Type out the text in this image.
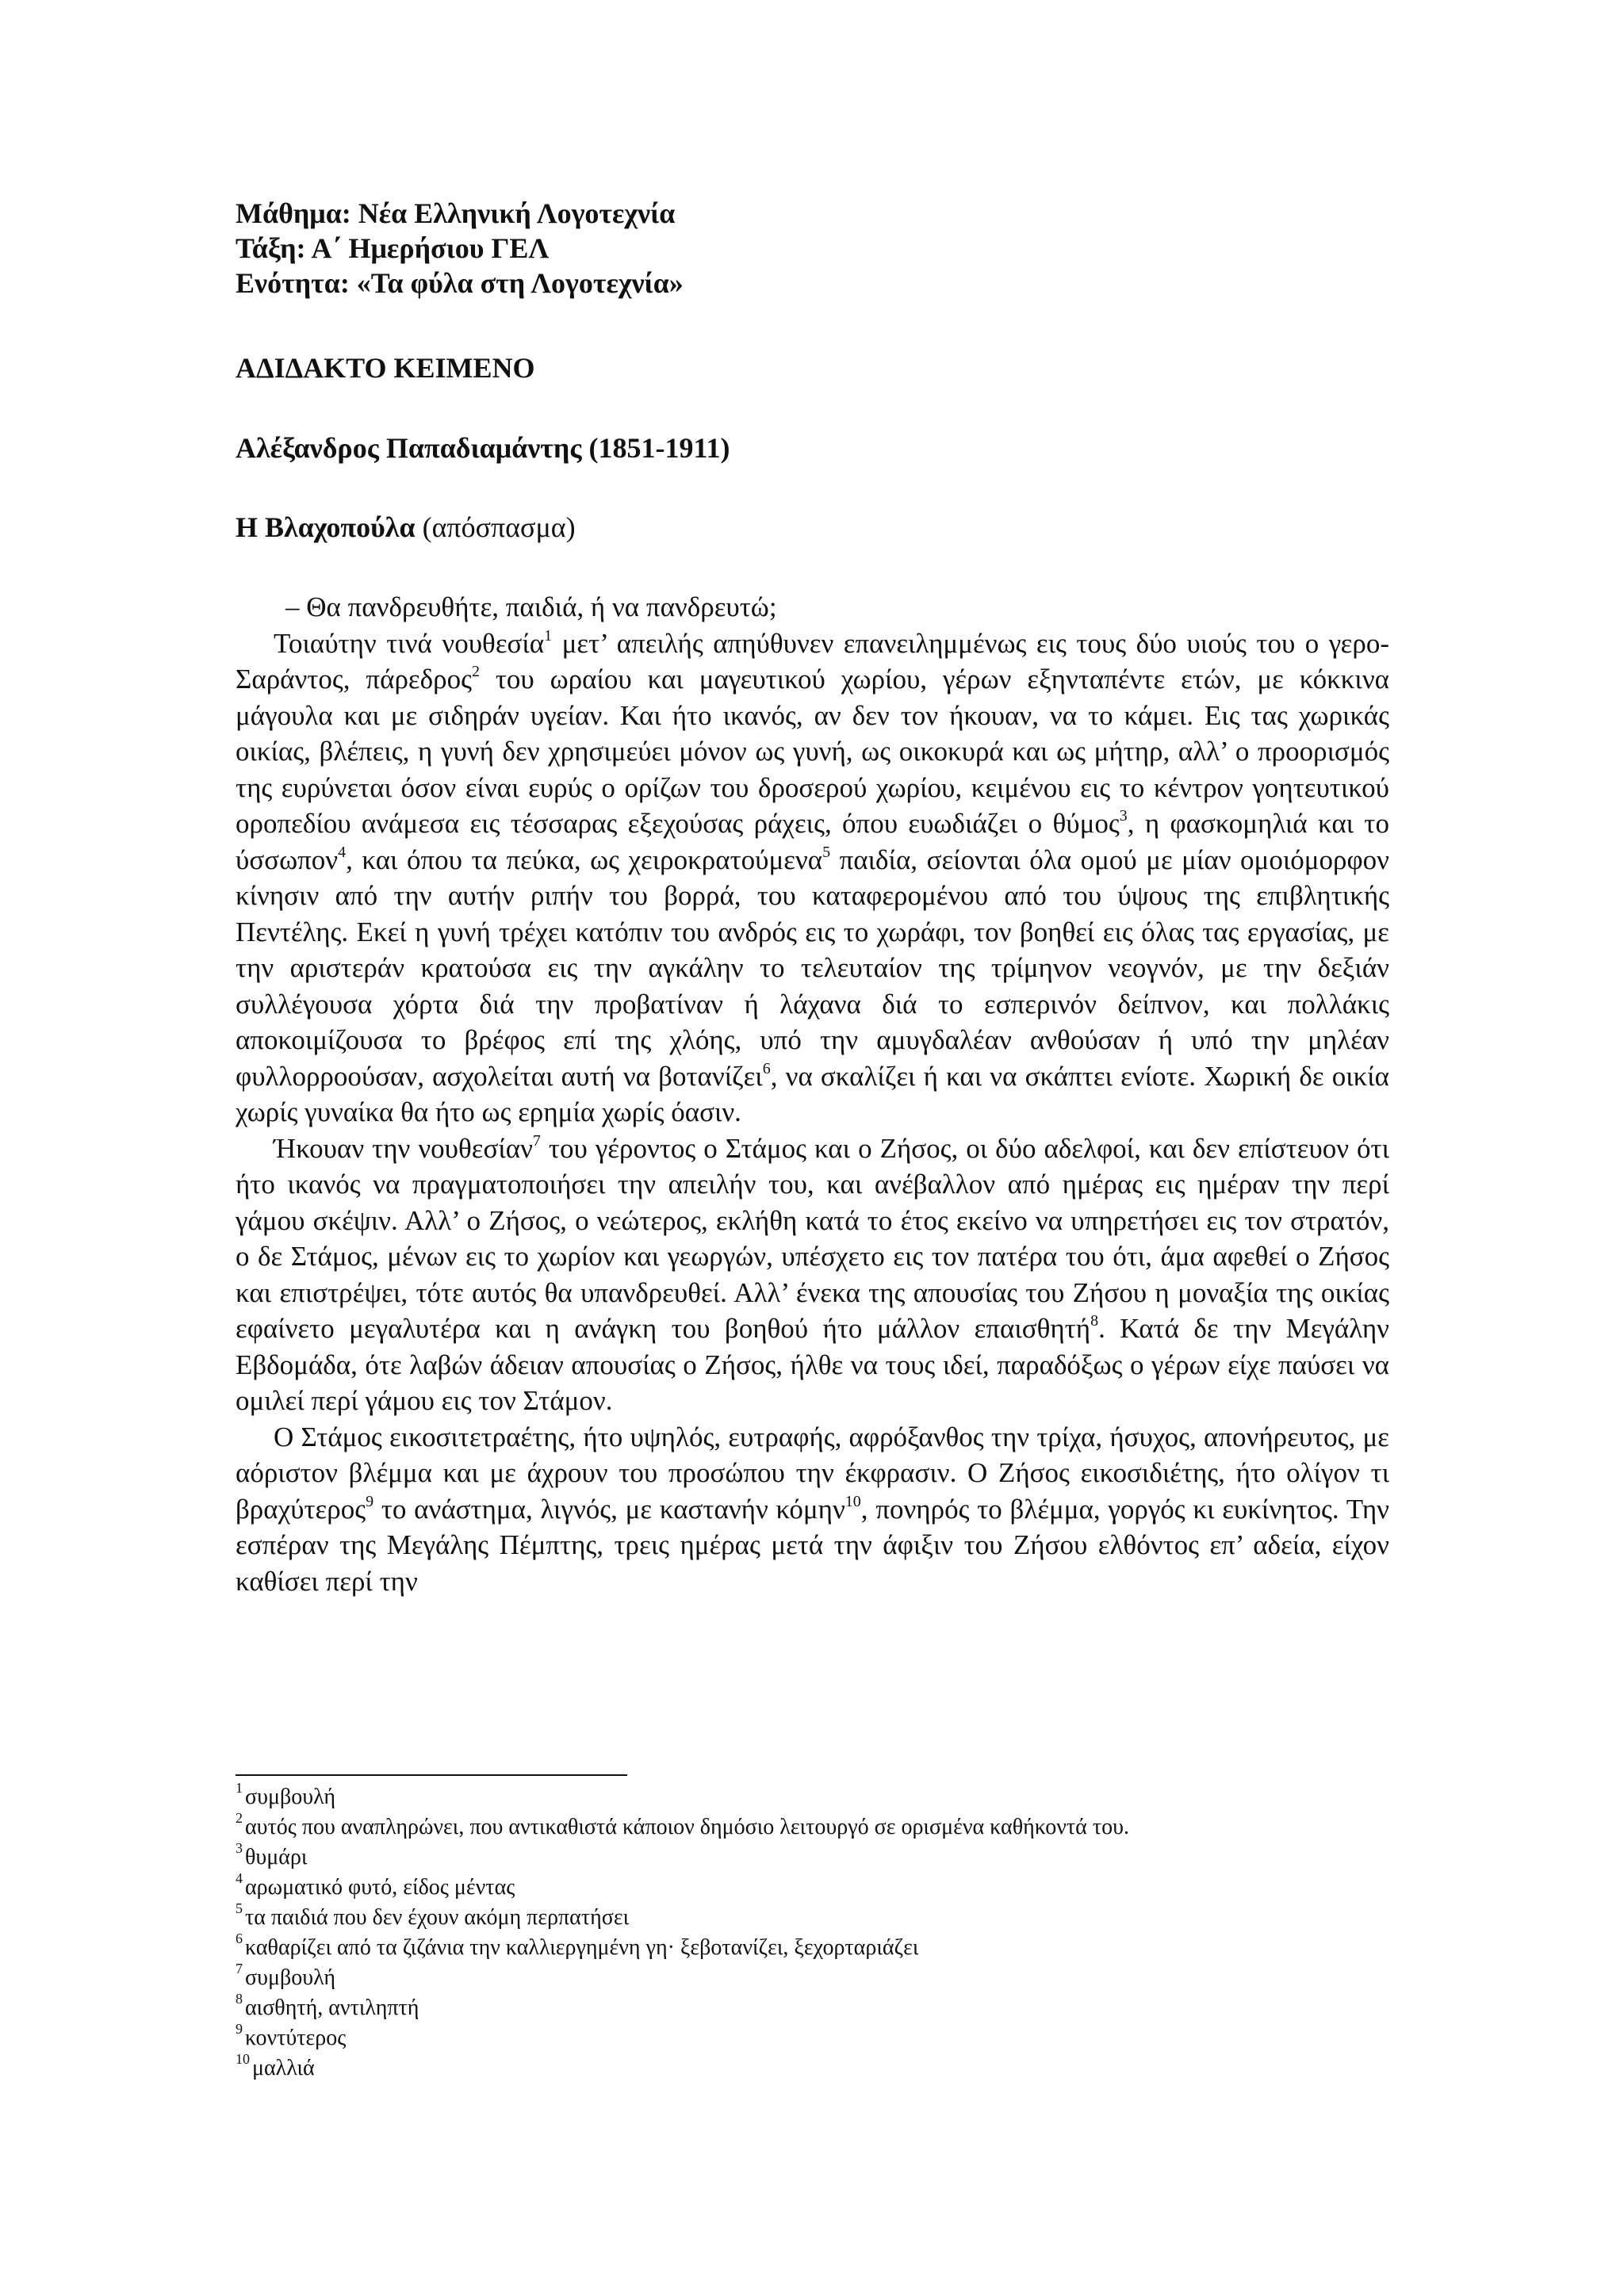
Μάθημα: Νέα Ελληνική Λογοτεχνία
Τάξη: Α΄ Ημερήσιου ΓΕΛ
Ενότητα: «Τα φύλα στη Λογοτεχνία»
ΑΔΙΔΑΚΤΟ ΚΕΙΜΕΝΟ
Αλέξανδρος Παπαδιαμάντης (1851-1911)
Η Βλαχοπούλα (απόσπασμα)

– Θα πανδρευθήτε, παιδιά, ή να πανδρευτώ;

Τοιαύτην τινά νουθεσία$^1$ μετ’ απειλής απηύθυνεν επανειλημμένως εις τους δύο υιούς του ο γερο-Σαράντος, πάρεδρος$^2$ του ωραίου και μαγευτικού χωρίου, γέρων εξηνταπέντε ετών, με κόκκινα μάγουλα και με σιδηράν υγείαν. Και ήτο ικανός, αν δεν τον ήκουαν, να το κάμει. Εις τας χωρικάς οικίας, βλέπεις, η γυνή δεν χρησιμεύει μόνον ως γυνή, ως οικοκυρά και ως μήτηρ, αλλ’ ο προορισμός της ευρύνεται όσον είναι ευρύς ο ορίζων του δροσερού χωρίου, κειμένου εις το κέντρον γοητευτικού οροπεδίου ανάμεσα εις τέσσαρας εξεχούσας ράχεις, όπου ευωδιάζει ο θύμος$^3$, η φασκομηλιά και το ύσσωπον$^4$, και όπου τα πεύκα, ως χειροκρατούμενα$^5$ παιδία, σείονται όλα ομού με μίαν ομοιόμορφον κίνησιν από την αυτήν ριπήν του βορρά, του καταφερομένου από του ύψους της επιβλητικής Πεντέλης. Εκεί η γυνή τρέχει κατόπιν του ανδρός εις το χωράφι, τον βοηθεί εις όλας τας εργασίας, με την αριστεράν κρατούσα εις την αγκάλην το τελευταίον της τρίμηνον νεογνόν, με την δεξιάν συλλέγουσα χόρτα διά την προβατίναν ή λάχανα διά το εσπερινόν δείπνον, και πολλάκις αποκοιμίζουσα το βρέφος επί της χλόης, υπό την αμυγδαλέαν ανθούσαν ή υπό την μηλέαν φυλλορροούσαν, ασχολείται αυτή να βοτανίζει$^6$, να σκαλίζει ή και να σκάπτει ενίοτε. Χωρική δε οικία χωρίς γυναίκα θα ήτο ως ερημία χωρίς όασιν.

Ήκουαν την νουθεσίαν$^7$ του γέροντος ο Στάμος και ο Ζήσος, οι δύο αδελφοί, και δεν επίστευον ότι ήτο ικανός να πραγματοποιήσει την απειλήν του, και ανέβαλλον από ημέρας εις ημέραν την περί γάμου σκέψιν. Αλλ’ ο Ζήσος, ο νεώτερος, εκλήθη κατά το έτος εκείνο να υπηρετήσει εις τον στρατόν, ο δε Στάμος, μένων εις το χωρίον και γεωργών, υπέσχετο εις τον πατέρα του ότι, άμα αφεθεί ο Ζήσος και επιστρέψει, τότε αυτός θα υπανδρευθεί. Αλλ’ ένεκα της απουσίας του Ζήσου η μοναξία της οικίας εφαίνετο μεγαλυτέρα και η ανάγκη του βοηθού ήτο μάλλον επαισθητή$^8$. Κατά δε την Μεγάλην Εβδομάδα, ότε λαβών άδειαν απουσίας ο Ζήσος, ήλθε να τους ιδεί, παραδόξως ο γέρων είχε παύσει να ομιλεί περί γάμου εις τον Στάμον.

Ο Στάμος εικοσιτετραέτης, ήτο υψηλός, ευτραφής, αφρόξανθος την τρίχα, ήσυχος, απονήρευτος, με αόριστον βλέμμα και με άχρουν του προσώπου την έκφρασιν. Ο Ζήσος εικοσιδιέτης, ήτο ολίγον τι βραχύτερος$^9$ το ανάστημα, λιγνός, με καστανήν κόμην$^{10}$, πονηρός το βλέμμα, γοργός κι ευκίνητος. Την εσπέραν της Μεγάλης Πέμπτης, τρεις ημέρας μετά την άφιξιν του Ζήσου ελθόντος επ’ αδεία, είχον καθίσει περί την

1 συμβουλή
2 αυτός που αναπληρώνει, που αντικαθιστά κάποιον δημόσιο λειτουργό σε ορισμένα καθήκοντά του.
3 θυμάρι
4 αρωματικό φυτό, είδος μέντας
5 τα παιδιά που δεν έχουν ακόμη περπατήσει
6 καθαρίζει από τα ζιζάνια την καλλιεργημένη γη· ξεβοτανίζει, ξεχορταριάζει
7 συμβουλή
8 αισθητή, αντιληπτή
9 κοντύτερος
10 μαλλιά
